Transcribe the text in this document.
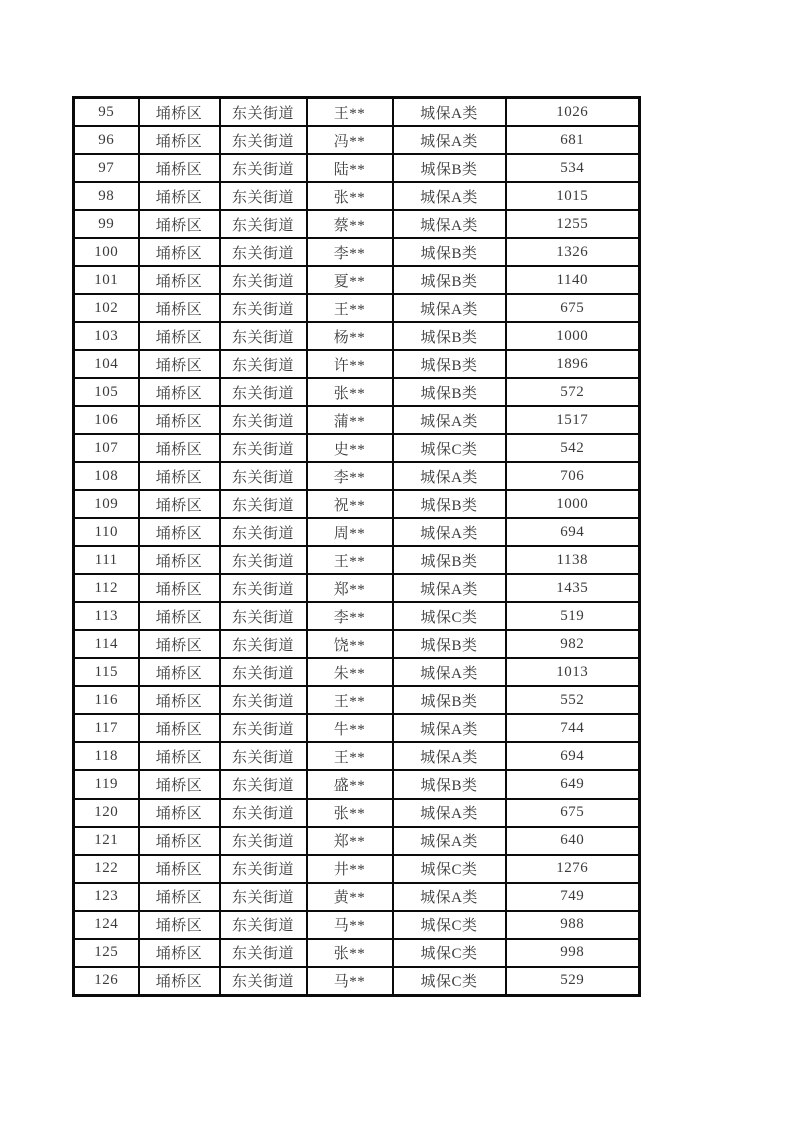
95	埇桥区	东关街道	王**	城保A类	1026
96	埇桥区	东关街道	冯**	城保A类	681
97	埇桥区	东关街道	陆**	城保B类	534
98	埇桥区	东关街道	张**	城保A类	1015
99	埇桥区	东关街道	蔡**	城保A类	1255
100	埇桥区	东关街道	李**	城保B类	1326
101	埇桥区	东关街道	夏**	城保B类	1140
102	埇桥区	东关街道	王**	城保A类	675
103	埇桥区	东关街道	杨**	城保B类	1000
104	埇桥区	东关街道	许**	城保B类	1896
105	埇桥区	东关街道	张**	城保B类	572
106	埇桥区	东关街道	蒲**	城保A类	1517
107	埇桥区	东关街道	史**	城保C类	542
108	埇桥区	东关街道	李**	城保A类	706
109	埇桥区	东关街道	祝**	城保B类	1000
110	埇桥区	东关街道	周**	城保A类	694
111	埇桥区	东关街道	王**	城保B类	1138
112	埇桥区	东关街道	郑**	城保A类	1435
113	埇桥区	东关街道	李**	城保C类	519
114	埇桥区	东关街道	饶**	城保B类	982
115	埇桥区	东关街道	朱**	城保A类	1013
116	埇桥区	东关街道	王**	城保B类	552
117	埇桥区	东关街道	牛**	城保A类	744
118	埇桥区	东关街道	王**	城保A类	694
119	埇桥区	东关街道	盛**	城保B类	649
120	埇桥区	东关街道	张**	城保A类	675
121	埇桥区	东关街道	郑**	城保A类	640
122	埇桥区	东关街道	井**	城保C类	1276
123	埇桥区	东关街道	黄**	城保A类	749
124	埇桥区	东关街道	马**	城保C类	988
125	埇桥区	东关街道	张**	城保C类	998
126	埇桥区	东关街道	马**	城保C类	529
